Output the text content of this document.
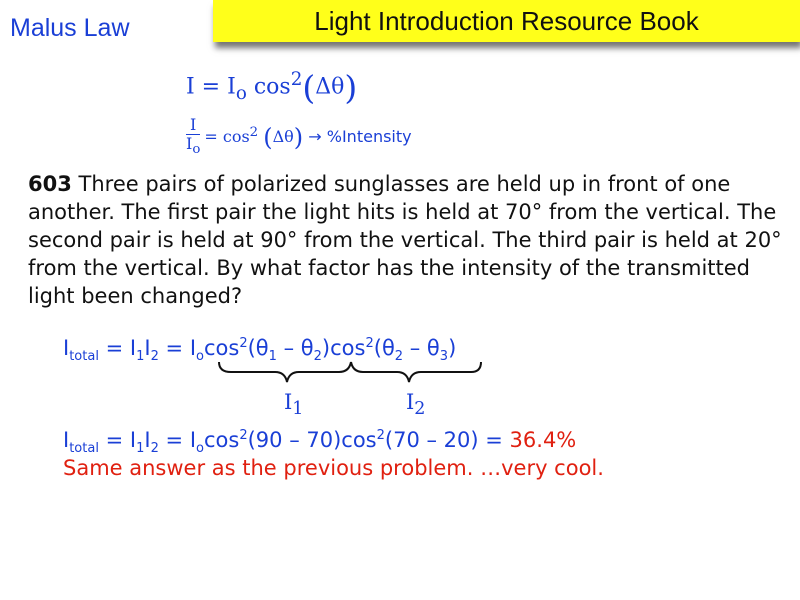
Malus Law	Light Introduction Resource Book
$I = I_o$ $\cos^2(\Delta\theta)$
$\frac{I}{I_o} = \cos^2 (\Delta\theta)$ → %Intensity
603 Three pairs of polarized sunglasses are held up in front of one another. The first pair the light hits is held at 70° from the vertical. The second pair is held at 90° from the vertical. The third pair is held at 20° from the vertical. By what factor has the intensity of the transmitted light been changed?
$I_{total} = I_1I_2 = I_o\cos^2(\theta_1 - \theta_2)\cos^2(\theta_2 - \theta_3)$
$I_1$	$I_2$
$I_{total} = I_1I_2 = I_o\cos^2(90 - 70)\cos^2(70 - 20) = 36.4\%$
Same answer as the previous problem. …very cool.
